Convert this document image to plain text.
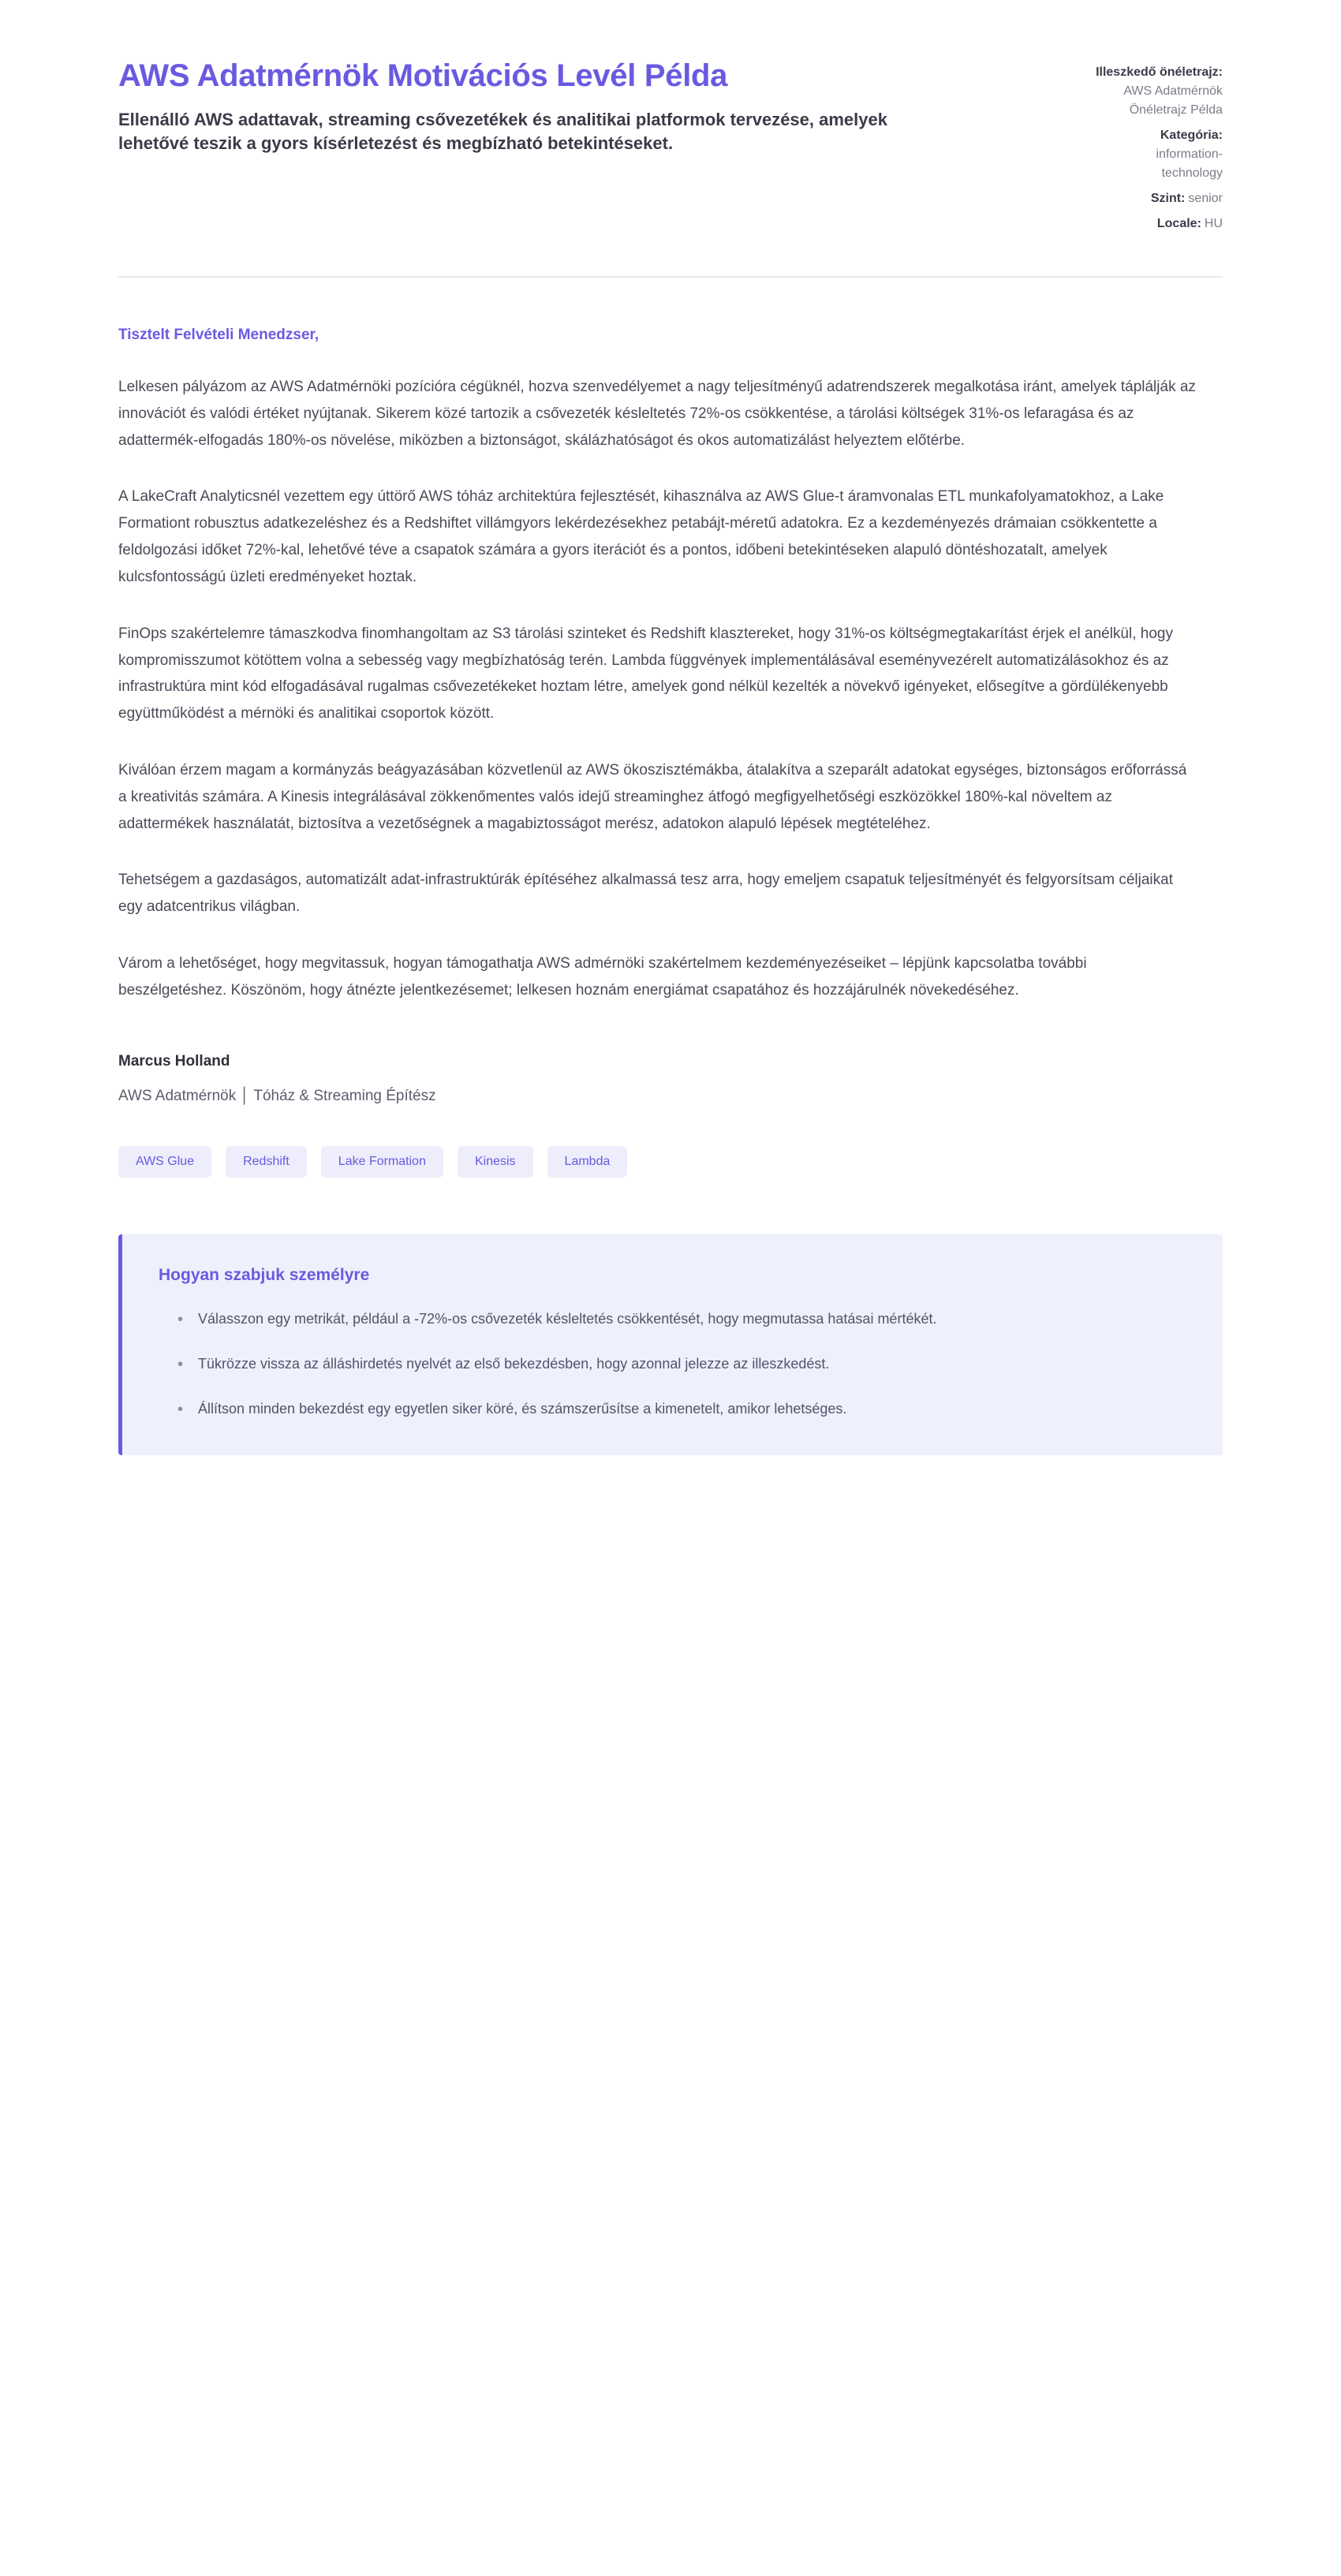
AWS Adatmérnök Motivációs Levél Példa

Ellenálló AWS adattavak, streaming csővezetékek és analitikai platformok tervezése, amelyek lehetővé teszik a gyors kísérletezést és megbízható betekintéseket.

Illeszkedő önéletrajz:
AWS Adatmérnök
Önéletrajz Példa
Kategória:
information-
technology
Szint: senior
Locale: HU

Tisztelt Felvételi Menedzser,

Lelkesen pályázom az AWS Adatmérnöki pozícióra cégüknél, hozva szenvedélyemet a nagy teljesítményű adatrendszerek megalkotása iránt, amelyek táplálják az innovációt és valódi értéket nyújtanak. Sikerem közé tartozik a csővezeték késleltetés 72%-os csökkentése, a tárolási költségek 31%-os lefaragása és az adattermék-elfogadás 180%-os növelése, miközben a biztonságot, skálázhatóságot és okos automatizálást helyeztem előtérbe.

A LakeCraft Analyticsnél vezettem egy úttörő AWS tóház architektúra fejlesztését, kihasználva az AWS Glue-t áramvonalas ETL munkafolyamatokhoz, a Lake Formationt robusztus adatkezeléshez és a Redshiftet villámgyors lekérdezésekhez petabájt-méretű adatokra. Ez a kezdeményezés drámaian csökkentette a feldolgozási időket 72%-kal, lehetővé téve a csapatok számára a gyors iterációt és a pontos, időbeni betekintéseken alapuló döntéshozatalt, amelyek kulcsfontosságú üzleti eredményeket hoztak.

FinOps szakértelemre támaszkodva finomhangoltam az S3 tárolási szinteket és Redshift klasztereket, hogy 31%-os költségmegtakarítást érjek el anélkül, hogy kompromisszumot kötöttem volna a sebesség vagy megbízhatóság terén. Lambda függvények implementálásával eseményvezérelt automatizálásokhoz és az infrastruktúra mint kód elfogadásával rugalmas csővezetékeket hoztam létre, amelyek gond nélkül kezelték a növekvő igényeket, elősegítve a gördülékenyebb együttműködést a mérnöki és analitikai csoportok között.

Kiválóan érzem magam a kormányzás beágyazásában közvetlenül az AWS ökoszisztémákba, átalakítva a szeparált adatokat egységes, biztonságos erőforrássá a kreativitás számára. A Kinesis integrálásával zökkenőmentes valós idejű streaminghez átfogó megfigyelhetőségi eszközökkel 180%-kal növeltem az adattermékek használatát, biztosítva a vezetőségnek a magabiztosságot merész, adatokon alapuló lépések megtételéhez.

Tehetségem a gazdaságos, automatizált adat-infrastruktúrák építéséhez alkalmassá tesz arra, hogy emeljem csapatuk teljesítményét és felgyorsítsam céljaikat egy adatcentrikus világban.

Várom a lehetőséget, hogy megvitassuk, hogyan támogathatja AWS admérnöki szakértelmem kezdeményezéseiket – lépjünk kapcsolatba további beszélgetéshez. Köszönöm, hogy átnézte jelentkezésemet; lelkesen hoznám energiámat csapatához és hozzájárulnék növekedéséhez.

Marcus Holland

AWS Adatmérnök │ Tóház & Streaming Építész

AWS Glue	Redshift	Lake Formation	Kinesis	Lambda
Hogyan szabjuk személyre
• Válasszon egy metrikát, például a -72%-os csővezeték késleltetés csökkentését, hogy megmutassa hatásai mértékét.
• Tükrözze vissza az álláshirdetés nyelvét az első bekezdésben, hogy azonnal jelezze az illeszkedést.
• Állítson minden bekezdést egy egyetlen siker köré, és számszerűsítse a kimenetelt, amikor lehetséges.
